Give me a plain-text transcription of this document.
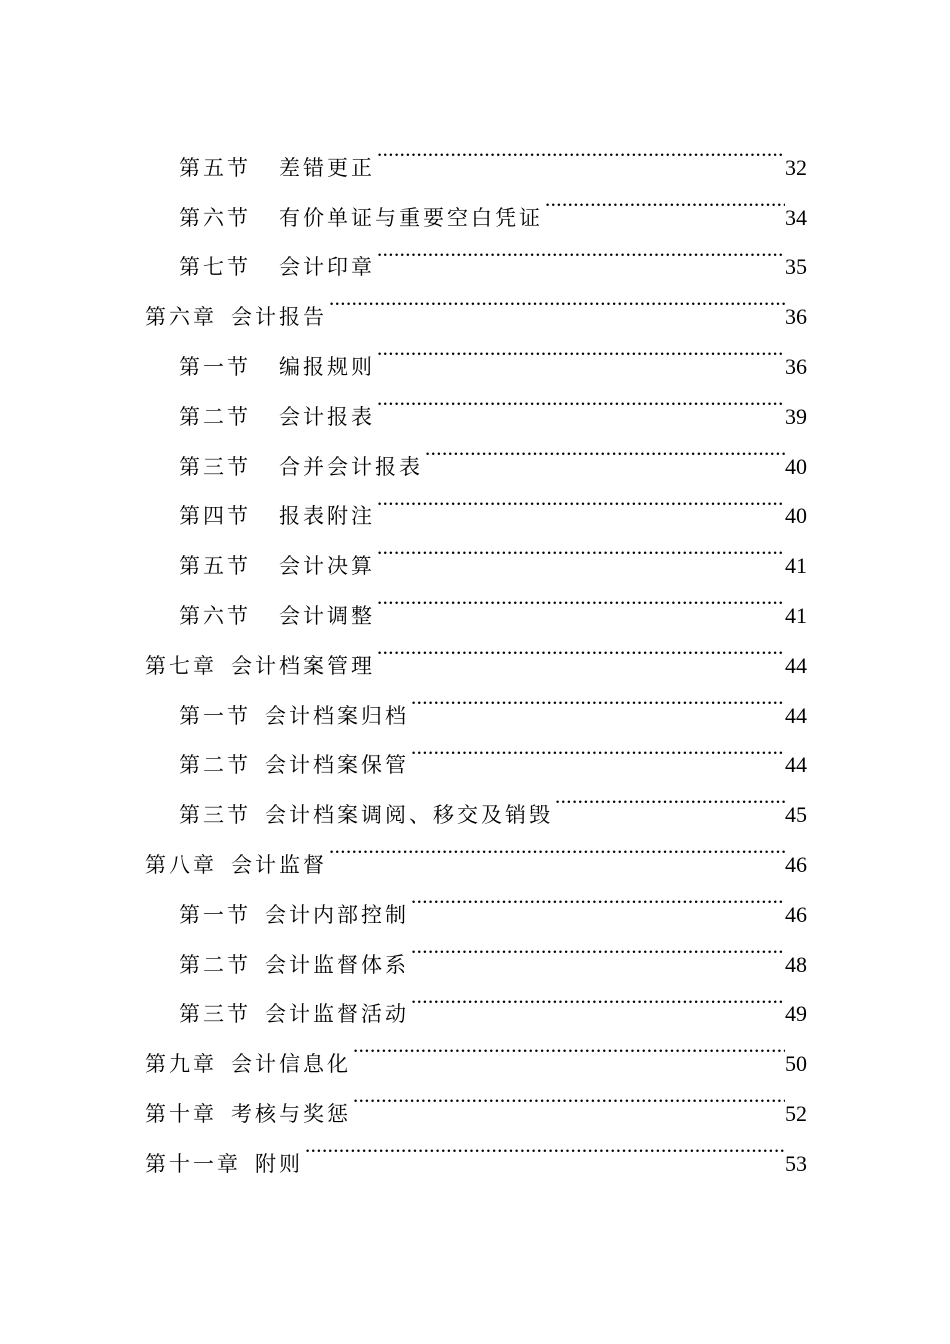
第五节 差错更正 .....	32
第六节 有价单证与重要空白凭证 .....	34
第七节 会计印章 .....	35
第六章 会计报告 .....	36
第一节 编报规则 .....	36
第二节 会计报表 .....	39
第三节 合并会计报表 .....	40
第四节 报表附注 .....	40
第五节 会计决算 .....	41
第六节 会计调整 .....	41
第七章 会计档案管理 .....	44
第一节 会计档案归档 .....	44
第二节 会计档案保管 .....	44
第三节 会计档案调阅、移交及销毁 .....	45
第八章 会计监督 .....	46
第一节 会计内部控制 .....	46
第二节 会计监督体系 .....	48
第三节 会计监督活动 .....	49
第九章 会计信息化 .....	50
第十章 考核与奖惩 .....	52
第十一章 附则 .....	53
